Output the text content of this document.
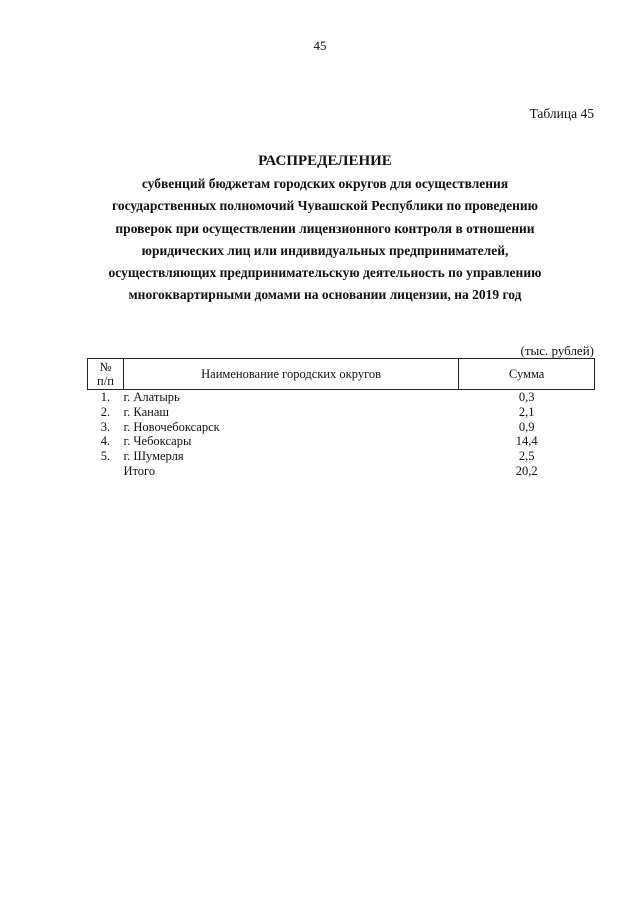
45
Таблица 45
РАСПРЕДЕЛЕНИЕ
субвенций бюджетам городских округов для осуществления
государственных полномочий Чувашской Республики по проведению
проверок при осуществлении лицензионного контроля в отношении
юридических лиц или индивидуальных предпринимателей,
осуществляющих предпринимательскую деятельность по управлению
многоквартирными домами на основании лицензии, на 2019 год
(тыс. рублей)
№
п/п	Наименование городских округов	Сумма
1.	г. Алатырь	0,3
2.	г. Канаш	2,1
3.	г. Новочебоксарск	0,9
4.	г. Чебоксары	14,4
5.	г. Шумерля	2,5
	Итого	20,2
